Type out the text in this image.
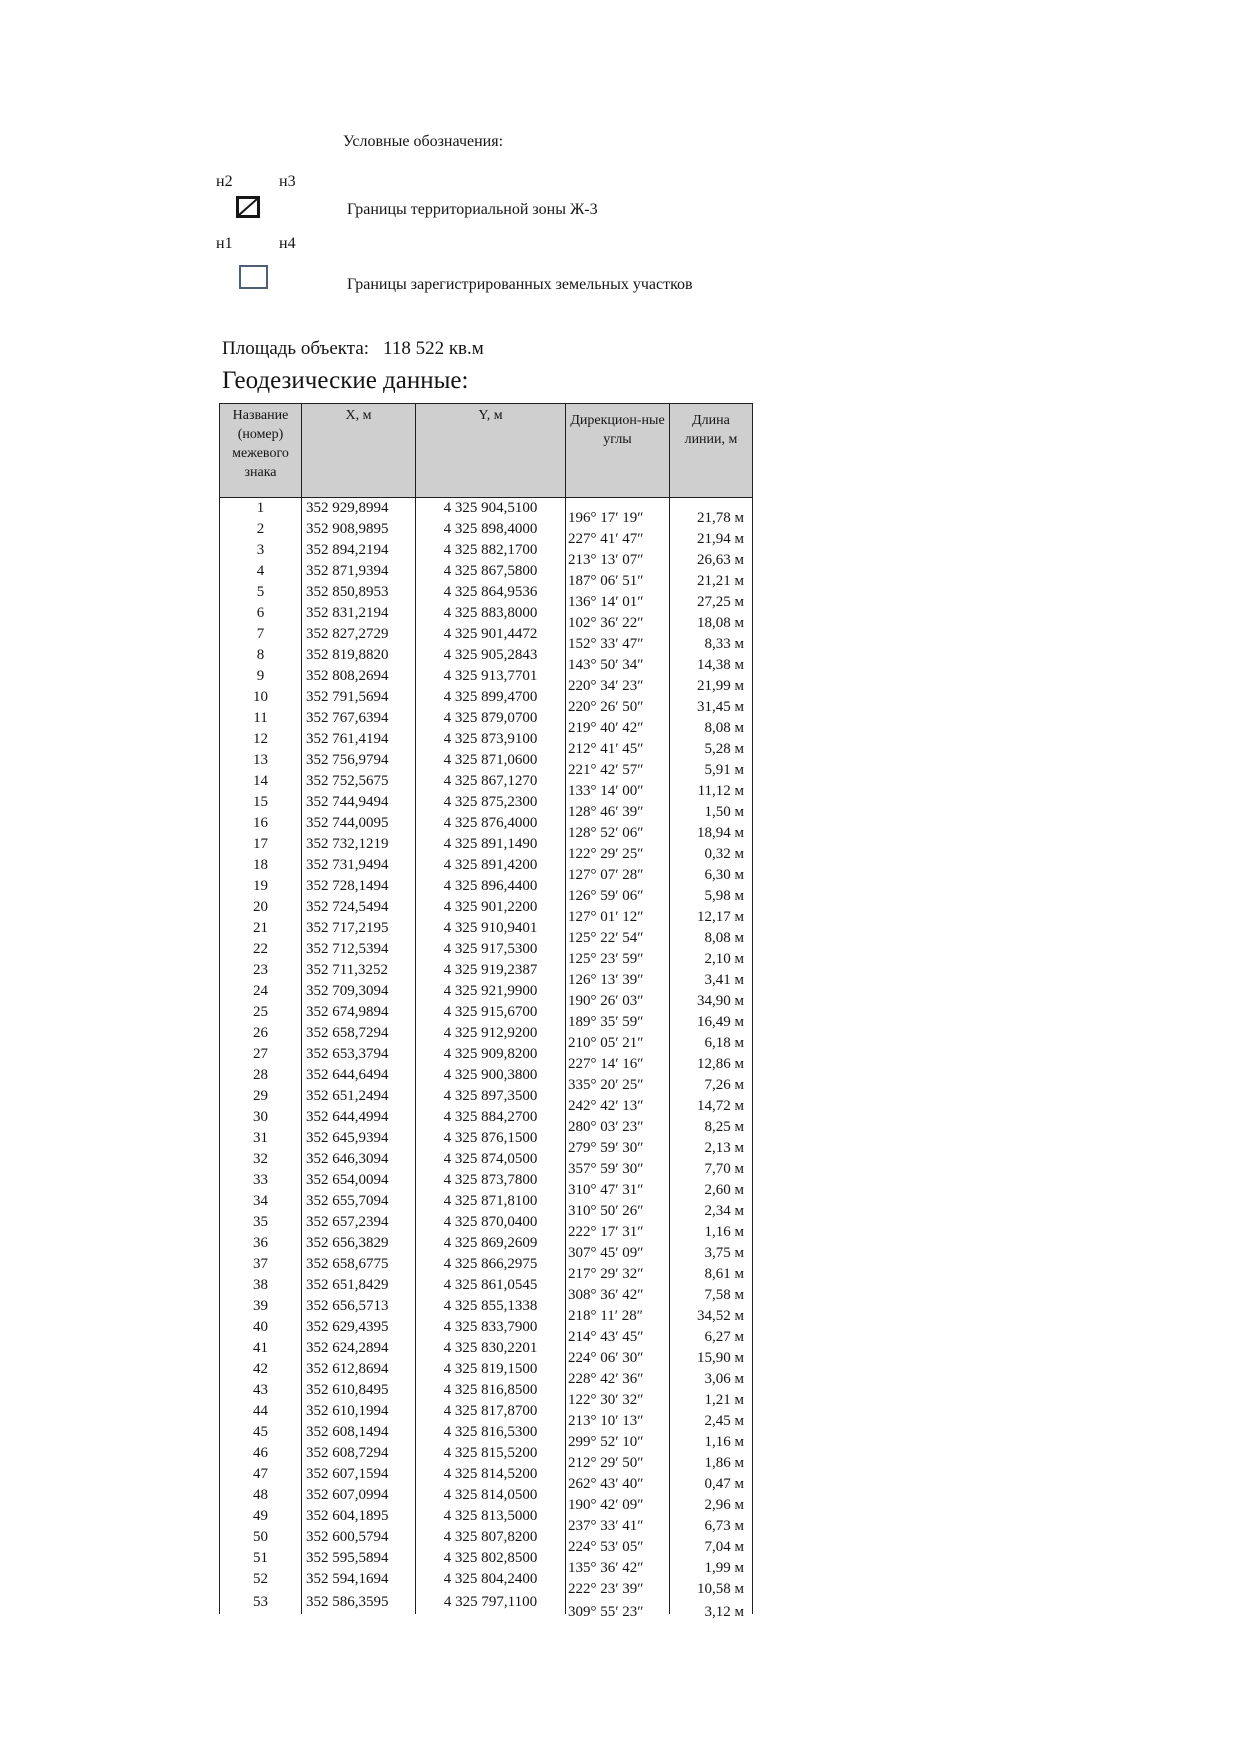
Условные обозначения:
н2	н3
н1	н4
Границы территориальной зоны Ж-3
Границы зарегистрированных земельных участков
Площадь объекта: 118 522 кв.м
Геодезические данные:
Название (номер) межевого знака	X, м	Y, м	Дирекцион-ные углы	Длина линии, м
1	352 929,8994	4 325 904,5100	196° 17′ 19″	21,78 м
2	352 908,9895	4 325 898,4000	227° 41′ 47″	21,94 м
3	352 894,2194	4 325 882,1700	213° 13′ 07″	26,63 м
4	352 871,9394	4 325 867,5800	187° 06′ 51″	21,21 м
5	352 850,8953	4 325 864,9536	136° 14′ 01″	27,25 м
6	352 831,2194	4 325 883,8000	102° 36′ 22″	18,08 м
7	352 827,2729	4 325 901,4472	152° 33′ 47″	8,33 м
8	352 819,8820	4 325 905,2843	143° 50′ 34″	14,38 м
9	352 808,2694	4 325 913,7701	220° 34′ 23″	21,99 м
10	352 791,5694	4 325 899,4700	220° 26′ 50″	31,45 м
11	352 767,6394	4 325 879,0700	219° 40′ 42″	8,08 м
12	352 761,4194	4 325 873,9100	212° 41′ 45″	5,28 м
13	352 756,9794	4 325 871,0600	221° 42′ 57″	5,91 м
14	352 752,5675	4 325 867,1270	133° 14′ 00″	11,12 м
15	352 744,9494	4 325 875,2300	128° 46′ 39″	1,50 м
16	352 744,0095	4 325 876,4000	128° 52′ 06″	18,94 м
17	352 732,1219	4 325 891,1490	122° 29′ 25″	0,32 м
18	352 731,9494	4 325 891,4200	127° 07′ 28″	6,30 м
19	352 728,1494	4 325 896,4400	126° 59′ 06″	5,98 м
20	352 724,5494	4 325 901,2200	127° 01′ 12″	12,17 м
21	352 717,2195	4 325 910,9401	125° 22′ 54″	8,08 м
22	352 712,5394	4 325 917,5300	125° 23′ 59″	2,10 м
23	352 711,3252	4 325 919,2387	126° 13′ 39″	3,41 м
24	352 709,3094	4 325 921,9900	190° 26′ 03″	34,90 м
25	352 674,9894	4 325 915,6700	189° 35′ 59″	16,49 м
26	352 658,7294	4 325 912,9200	210° 05′ 21″	6,18 м
27	352 653,3794	4 325 909,8200	227° 14′ 16″	12,86 м
28	352 644,6494	4 325 900,3800	335° 20′ 25″	7,26 м
29	352 651,2494	4 325 897,3500	242° 42′ 13″	14,72 м
30	352 644,4994	4 325 884,2700	280° 03′ 23″	8,25 м
31	352 645,9394	4 325 876,1500	279° 59′ 30″	2,13 м
32	352 646,3094	4 325 874,0500	357° 59′ 30″	7,70 м
33	352 654,0094	4 325 873,7800	310° 47′ 31″	2,60 м
34	352 655,7094	4 325 871,8100	310° 50′ 26″	2,34 м
35	352 657,2394	4 325 870,0400	222° 17′ 31″	1,16 м
36	352 656,3829	4 325 869,2609	307° 45′ 09″	3,75 м
37	352 658,6775	4 325 866,2975	217° 29′ 32″	8,61 м
38	352 651,8429	4 325 861,0545	308° 36′ 42″	7,58 м
39	352 656,5713	4 325 855,1338	218° 11′ 28″	34,52 м
40	352 629,4395	4 325 833,7900	214° 43′ 45″	6,27 м
41	352 624,2894	4 325 830,2201	224° 06′ 30″	15,90 м
42	352 612,8694	4 325 819,1500	228° 42′ 36″	3,06 м
43	352 610,8495	4 325 816,8500	122° 30′ 32″	1,21 м
44	352 610,1994	4 325 817,8700	213° 10′ 13″	2,45 м
45	352 608,1494	4 325 816,5300	299° 52′ 10″	1,16 м
46	352 608,7294	4 325 815,5200	212° 29′ 50″	1,86 м
47	352 607,1594	4 325 814,5200	262° 43′ 40″	0,47 м
48	352 607,0994	4 325 814,0500	190° 42′ 09″	2,96 м
49	352 604,1895	4 325 813,5000	237° 33′ 41″	6,73 м
50	352 600,5794	4 325 807,8200	224° 53′ 05″	7,04 м
51	352 595,5894	4 325 802,8500	135° 36′ 42″	1,99 м
52	352 594,1694	4 325 804,2400	222° 23′ 39″	10,58 м
53	352 586,3595	4 325 797,1100	309° 55′ 23″	3,12 м
